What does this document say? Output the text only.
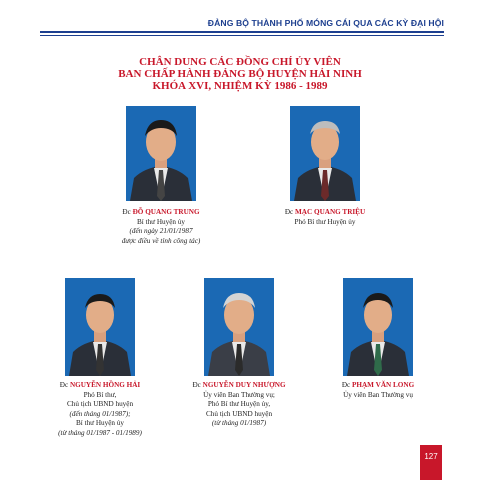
ĐẢNG BỘ THÀNH PHỐ MÓNG CÁI QUA CÁC KỲ ĐẠI HỘI
CHÂN DUNG CÁC ĐỒNG CHÍ ỦY VIÊN
BAN CHẤP HÀNH ĐẢNG BỘ HUYỆN HẢI NINH
KHÓA XVI, NHIỆM KỲ 1986 - 1989
Đc ĐỖ QUANG TRUNG
Bí thư Huyện ủy
(đến ngày 21/01/1987
được điều về tỉnh công tác)
Đc MẠC QUANG TRIỆU
Phó Bí thư Huyện ủy
Đc NGUYỄN HỒNG HẢI
Phó Bí thư,
Chủ tịch UBND huyện
(đến tháng 01/1987);
Bí thư Huyện ủy
(từ tháng 01/1987 - 01/1989)
Đc NGUYỄN DUY NHƯỢNG
Ủy viên Ban Thường vụ;
Phó Bí thư Huyện ủy,
Chủ tịch UBND huyện
(từ tháng 01/1987)
Đc PHẠM VĂN LONG
Ủy viên Ban Thường vụ
127
